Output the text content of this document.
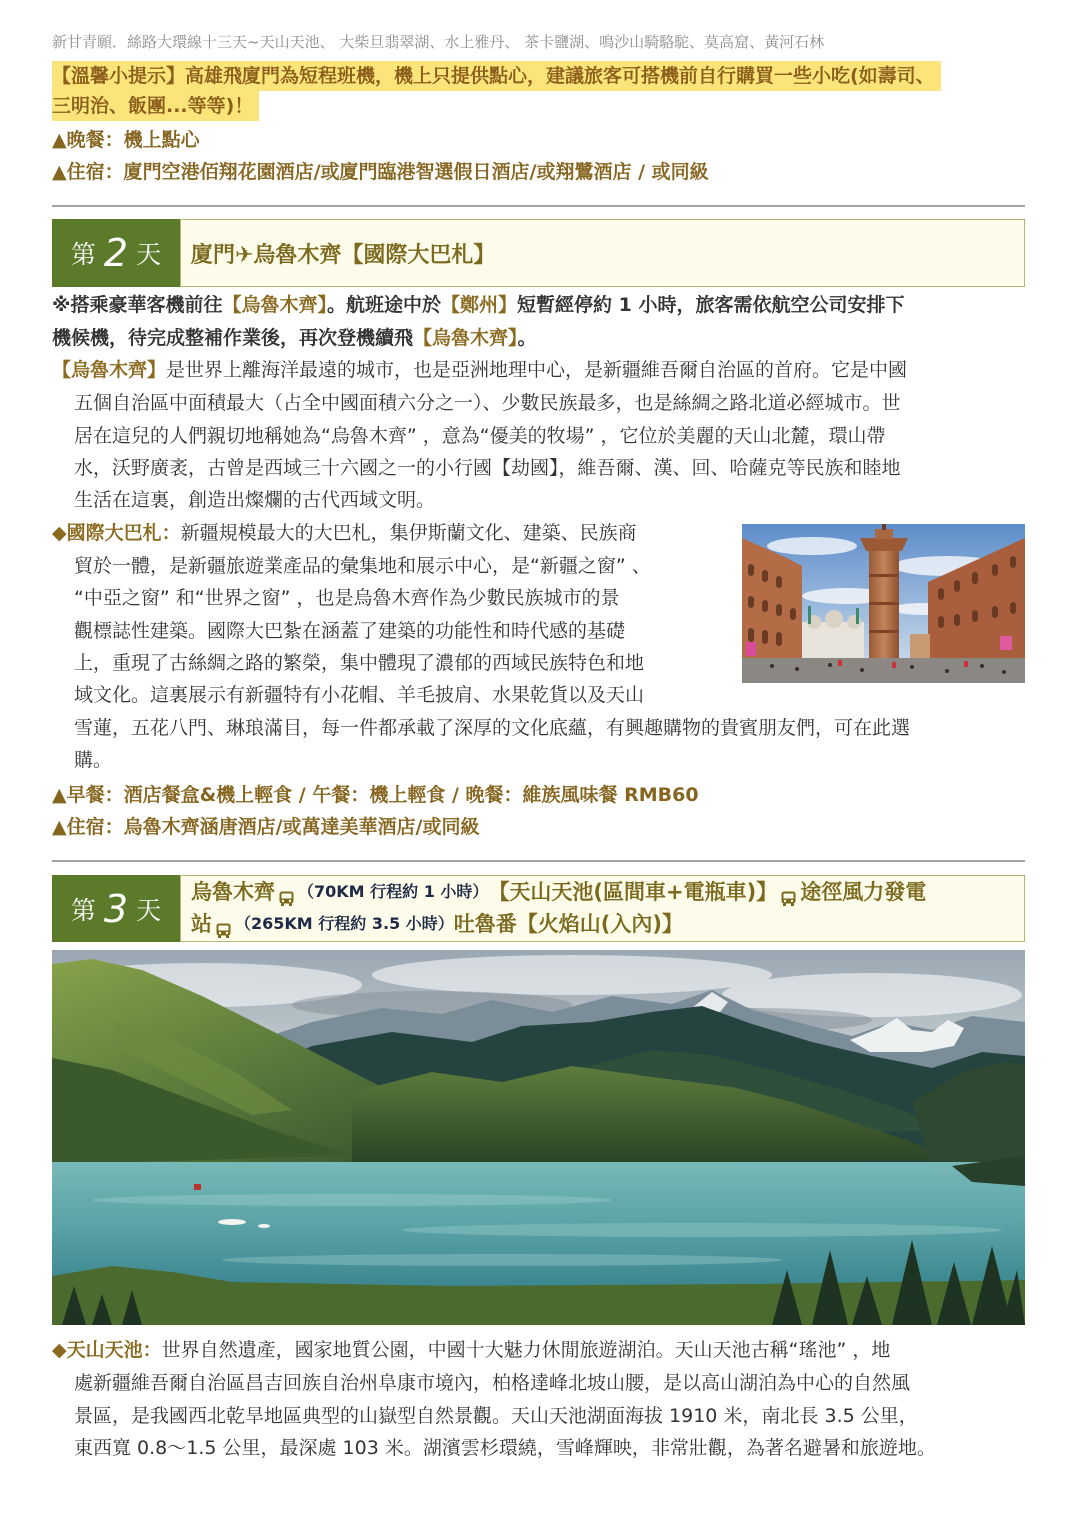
新甘青願．絲路大環線十三天~天山天池、 大柴旦翡翠湖、水上雅丹、 茶卡鹽湖、鳴沙山騎駱駝、莫高窟、黃河石林
【溫馨小提示】高雄飛廈門為短程班機，機上只提供點心，建議旅客可搭機前自行購買一些小吃(如壽司、
三明治、飯團...等等)！
▲晚餐：機上點心
▲住宿：廈門空港佰翔花園酒店/或廈門臨港智選假日酒店/或翔鷺酒店 / 或同級
第 2 天	廈門✈烏魯木齊【國際大巴札】
※搭乘豪華客機前往【烏魯木齊】。航班途中於【鄭州】短暫經停約 1 小時，旅客需依航空公司安排下
機候機，待完成整補作業後，再次登機續飛【烏魯木齊】。
【烏魯木齊】是世界上離海洋最遠的城市，也是亞洲地理中心，是新疆維吾爾自治區的首府。它是中國
五個自治區中面積最大（占全中國面積六分之一）、少數民族最多，也是絲綢之路北道必經城市。世
居在這兒的人們親切地稱她為“烏魯木齊” ，意為“優美的牧場” ，它位於美麗的天山北麓，環山帶
水，沃野廣袤，古曾是西域三十六國之一的小行國【劫國】，維吾爾、漢、回、哈薩克等民族和睦地
生活在這裏，創造出燦爛的古代西域文明。
◆國際大巴札：新疆規模最大的大巴札，集伊斯蘭文化、建築、民族商
貿於一體，是新疆旅遊業產品的彙集地和展示中心，是“新疆之窗” 、
“中亞之窗” 和“世界之窗” ，也是烏魯木齊作為少數民族城市的景
觀標誌性建築。國際大巴紮在涵蓋了建築的功能性和時代感的基礎
上，重現了古絲綢之路的繁榮，集中體現了濃郁的西域民族特色和地
域文化。這裏展示有新疆特有小花帽、羊毛披肩、水果乾貨以及天山
雪蓮，五花八門、琳琅滿目，每一件都承載了深厚的文化底蘊，有興趣購物的貴賓朋友們，可在此選
購。
▲早餐：酒店餐盒&機上輕食 / 午餐：機上輕食 / 晚餐：維族風味餐 RMB60
▲住宿：烏魯木齊涵唐酒店/或萬達美華酒店/或同級
第 3 天
烏魯木齊 （70KM 行程約 1 小時） 【天山天池(區間車+電瓶車)】 途徑風力發電
站 （265KM 行程約 3.5 小時） 吐魯番【火焰山(入內)】
◆天山天池：世界自然遺產，國家地質公園，中國十大魅力休閒旅遊湖泊。天山天池古稱“瑤池” ，地
處新疆維吾爾自治區昌吉回族自治州阜康市境內，柏格達峰北坡山腰，是以高山湖泊為中心的自然風
景區，是我國西北乾旱地區典型的山嶽型自然景觀。天山天池湖面海拔 1910 米，南北長 3.5 公里，
東西寬 0.8～1.5 公里，最深處 103 米。湖濱雲杉環繞，雪峰輝映，非常壯觀，為著名避暑和旅遊地。
